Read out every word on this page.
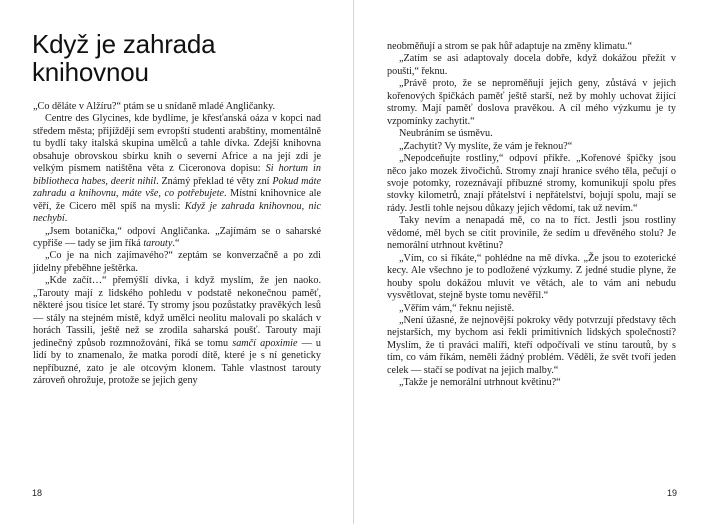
Když je zahrada
knihovnou

„Co děláte v Alžíru?“ ptám se u snídaně mladé Angličanky.

Centre des Glycines, kde bydlíme, je křesťanská oáza v kopci nad středem města; přijíždějí sem evropští studenti arabštiny, momentálně tu bydlí taky italská skupina umělců a tahle dívka. Zdejší knihovna obsahuje obrovskou sbírku knih o severní Africe a na její zdi je velkým písmem natištěna věta z Ciceronova dopisu: Si hortum in bibliotheca habes, deerit nihil. Známý překlad té věty zní Pokud máte zahradu a knihovnu, máte vše, co potřebujete. Místní knihovnice ale věří, že Cicero měl spíš na mysli: Když je zahrada knihovnou, nic nechybí.

„Jsem botanička,“ odpoví Angličanka. „Zajímám se o saharské cypřiše — tady se jim říká tarouty.“

„Co je na nich zajímavého?“ zeptám se konverzačně a po zdi jídelny přeběhne ještěrka.

„Kde začít…“ přemýšlí dívka, i když myslím, že jen naoko. „Tarouty mají z lidského pohledu v podstatě nekonečnou paměť, některé jsou tisíce let staré. Ty stromy jsou pozůstatky pravěkých lesů — stály na stejném místě, když umělci neolitu malovali po skalách v horách Tassili, ještě než se zrodila saharská poušť. Tarouty mají jedinečný způsob rozmnožování, říká se tomu samčí apoximie — u lidí by to znamenalo, že matka porodí dítě, které je s ní geneticky nepříbuzné, zato je ale otcovým klonem. Tahle vlastnost tarouty zároveň ohrožuje, protože se jejich geny

18

neobměňují a strom se pak hůř adaptuje na změny klimatu.“

„Zatím se asi adaptovaly docela dobře, když dokážou přežít v poušti,“ řeknu.

„Právě proto, že se neproměňují jejich geny, zůstává v jejich kořenových špičkách paměť ještě starší, než by mohly uchovat žijící stromy. Mají paměť doslova pravěkou. A cíl mého výzkumu je ty vzpomínky zachytit.“

Neubráním se úsměvu.

„Zachytit? Vy myslíte, že vám je řeknou?“

„Nepodceňujte rostliny,“ odpoví příkře. „Kořenové špičky jsou něco jako mozek živočichů. Stromy znají hranice svého těla, pečují o svoje potomky, rozeznávají příbuzné stromy, komunikují spolu přes stovky kilometrů, znají přátelství i nepřátelství, bojují spolu, mají se rády. Jestli tohle nejsou důkazy jejich vědomí, tak už nevím.“

Taky nevím a nenapadá mě, co na to říct. Jestli jsou rostliny vědomé, měl bych se cítit provinile, že sedím u dřevěného stolu? Je nemorální utrhnout květinu?

„Vím, co si říkáte,“ pohlédne na mě dívka. „Že jsou to ezoterické kecy. Ale všechno je to podložené výzkumy. Z jedné studie plyne, že houby spolu dokážou mluvit ve větách, ale to vám ani nebudu vysvětlovat, stejně byste tomu nevěřil.“

„Věřím vám,“ řeknu nejistě.

„Není úžasné, že nejnovější pokroky vědy potvrzují představy těch nejstarších, my bychom asi řekli primitivních lidských společností? Myslím, že ti praváci malíři, kteří odpočívali ve stínu taroutů, by s tím, co vám říkám, neměli žádný problém. Věděli, že svět tvoří jeden celek — stačí se podívat na jejich malby.“

„Takže je nemorální utrhnout květinu?“

19
